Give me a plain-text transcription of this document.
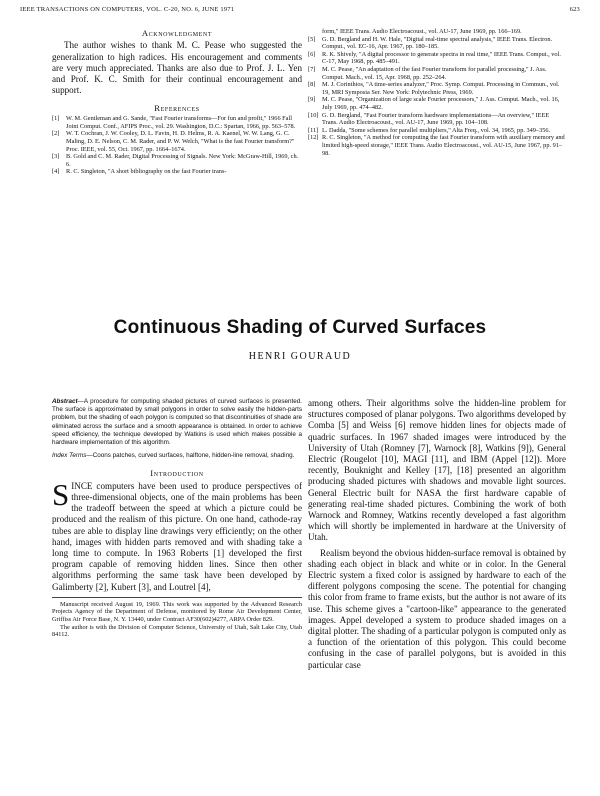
IEEE TRANSACTIONS ON COMPUTERS, VOL. C-20, NO. 6, JUNE 1971	623
Acknowledgment

The author wishes to thank M. C. Pease who suggested the generalization to high radices. His encouragement and comments are very much appreciated. Thanks are also due to Prof. J. L. Yen and Prof. K. C. Smith for their continual encouragement and support.

References

[1] W. M. Gentleman and G. Sande, "Fast Fourier transforms—For fun and profit," 1966 Fall Joint Comput. Conf., AFIPS Proc., vol. 29. Washington, D.C.: Spartan, 1966, pp. 563–578.

[2] W. T. Cochran, J. W. Cooley, D. L. Favin, H. D. Helms, R. A. Kaenel, W. W. Lang, G. C. Maling, D. E. Nelson, C. M. Rader, and P. W. Welch, "What is the fast Fourier transform?" Proc. IEEE, vol. 55, Oct. 1967, pp. 1664–1674.

[3] B. Gold and C. M. Rader, Digital Processing of Signals. New York: McGraw-Hill, 1969, ch. 6.

[4] R. C. Singleton, "A short bibliography on the fast Fourier trans-

form," IEEE Trans. Audio Electroacoust., vol. AU-17, June 1969, pp. 166–169.

[5] G. D. Bergland and H. W. Hale, "Digital real-time spectral analysis," IEEE Trans. Electron. Comput., vol. EC-16, Apr. 1967, pp. 180–185.

[6] R. K. Shively, "A digital processor to generate spectra in real time," IEEE Trans. Comput., vol. C-17, May 1968, pp. 485–491.

[7] M. C. Pease, "An adaptation of the fast Fourier transform for parallel processing," J. Ass. Comput. Mach., vol. 15, Apr. 1968, pp. 252–264.

[8] M. J. Corinthios, "A time-series analyzer," Proc. Symp. Comput. Processing in Commun., vol. 19, MRI Symposia Ser. New York: Polytechnic Press, 1969.

[9] M. C. Pease, "Organization of large scale Fourier processors," J. Ass. Comput. Mach., vol. 16, July 1969, pp. 474–482.

[10] G. D. Bergland, "Fast Fourier transform hardware implementations—An overview," IEEE Trans. Audio Electroacoust., vol. AU-17, June 1969, pp. 104–108.

[11] L. Dadda, "Some schemes for parallel multipliers," Alta Freq., vol. 34, 1965, pp. 349–356.

[12] R. C. Singleton, "A method for computing the fast Fourier transform with auxiliary memory and limited high-speed storage," IEEE Trans. Audio Electroacoust., vol. AU-15, June 1967, pp. 91–98.

Continuous Shading of Curved Surfaces
HENRI GOURAUD
Abstract—A procedure for computing shaded pictures of curved surfaces is presented. The surface is approximated by small polygons in order to solve easily the hidden-parts problem, but the shading of each polygon is computed so that discontinuities of shade are eliminated across the surface and a smooth appearance is obtained. In order to achieve speed efficiency, the technique developed by Watkins is used which makes possible a hardware implementation of this algorithm.
Index Terms—Coons patches, curved surfaces, halftone, hidden-line removal, shading.
Introduction
SINCE computers have been used to produce perspectives of three-dimensional objects, one of the main problems has been the tradeoff between the speed at which a picture could be produced and the realism of this picture. On one hand, cathode-ray tubes are able to display line drawings very efficiently; on the other hand, images with hidden parts removed and with shading take a long time to compute. In 1963 Roberts [1] developed the first program capable of removing hidden lines. Since then other algorithms performing the same task have been developed by Galimberty [2], Kubert [3], and Loutrel [4],

Manuscript received August 19, 1969. This work was supported by the Advanced Research Projects Agency of the Department of Defense, monitored by Rome Air Development Center, Griffiss Air Force Base, N. Y. 13440, under Contract AF30(602)4277, ARPA Order 829.

The author is with the Division of Computer Science, University of Utah, Salt Lake City, Utah 84112.

among others. Their algorithms solve the hidden-line problem for structures composed of planar polygons. Two algorithms developed by Comba [5] and Weiss [6] remove hidden lines for objects made of quadric surfaces. In 1967 shaded images were introduced by the University of Utah (Romney [7], Warnock [8], Watkins [9]), General Electric (Rougelot [10], MAGI [11], and IBM (Appel [12]). More recently, Bouknight and Kelley [17], [18] presented an algorithm producing shaded pictures with shadows and movable light sources. General Electric built for NASA the first hardware capable of generating real-time shaded pictures. Combining the work of both Warnock and Romney, Watkins recently developed a fast algorithm which will shortly be implemented in hardware at the University of Utah.
Realism beyond the obvious hidden-surface removal is obtained by shading each object in black and white or in color. In the General Electric system a fixed color is assigned by hardware to each of the different polygons composing the scene. The potential for changing this color from frame to frame exists, but the author is not aware of its use. This scheme gives a "cartoon-like" appearance to the generated images. Appel developed a system to produce shaded images on a digital plotter. The shading of a particular polygon is computed only as a function of the orientation of this polygon. This could become confusing in the case of parallel polygons, but is avoided in this particular case
